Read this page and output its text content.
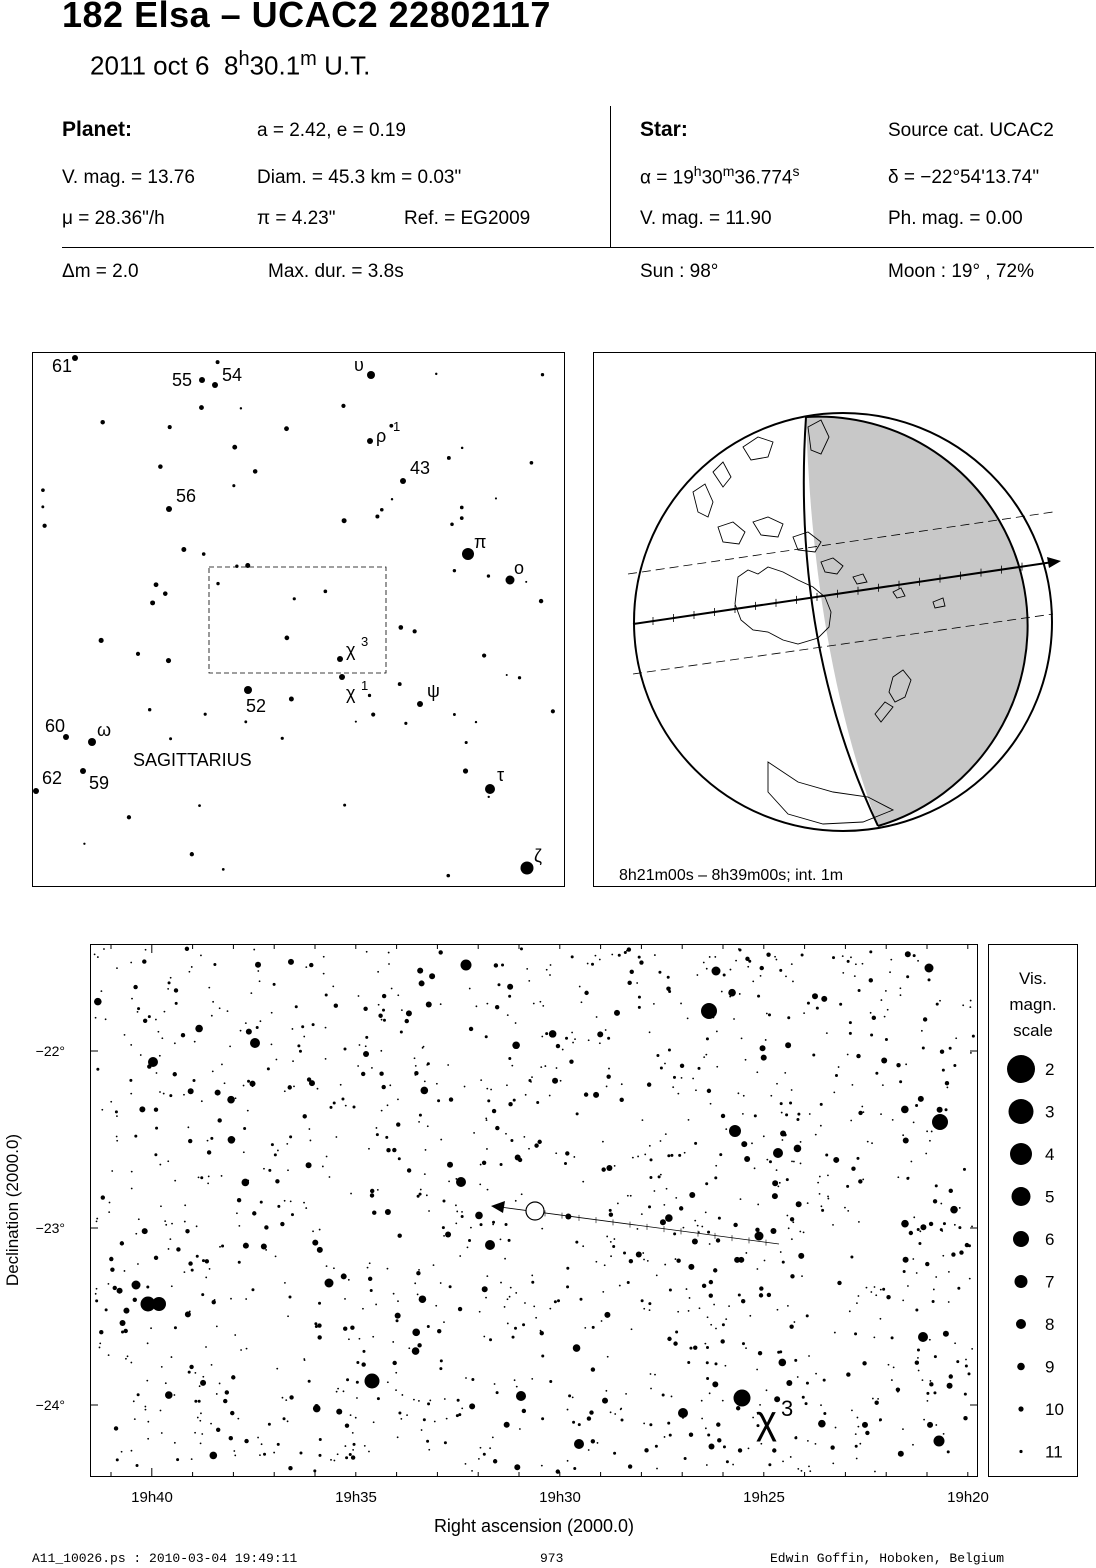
182 Elsa – UCAC2 22802117
2011 oct 6 8$^h$30.1$^m$ U.T.
Planet:	a = 2.42, e = 0.19
V. mag. = 13.76	Diam. = 45.3 km = 0.03"
μ = 28.36"/h	π = 4.23"	Ref. = EG2009
Star:	Source cat. UCAC2
$\alpha = 19^h30^m36.774^s$	δ = −22°54'13.74"
V. mag. = 11.90	Ph. mag. = 0.00
Δm = 2.0	Max. dur. = 3.8s	Sun : 98°	Moon : 19° , 72%
61
55 54	υ
ρ 1
43
56
π
o
χ 3
χ 1	ψ
52
60 ω
62 59	τ
ζ
SAGITTARIUS
8h21m00s – 8h39m00s; int. 1m
χ 3
−22°
−23°
−24°
19h40	19h35	19h30	19h25	19h20
Right ascension (2000.0)
Declination (2000.0)
Vis.
magn.
scale
2
3
4
5
6
7
8
9
10
11
A11_10026.ps : 2010-03-04 19:49:11	973	Edwin Goffin, Hoboken, Belgium
